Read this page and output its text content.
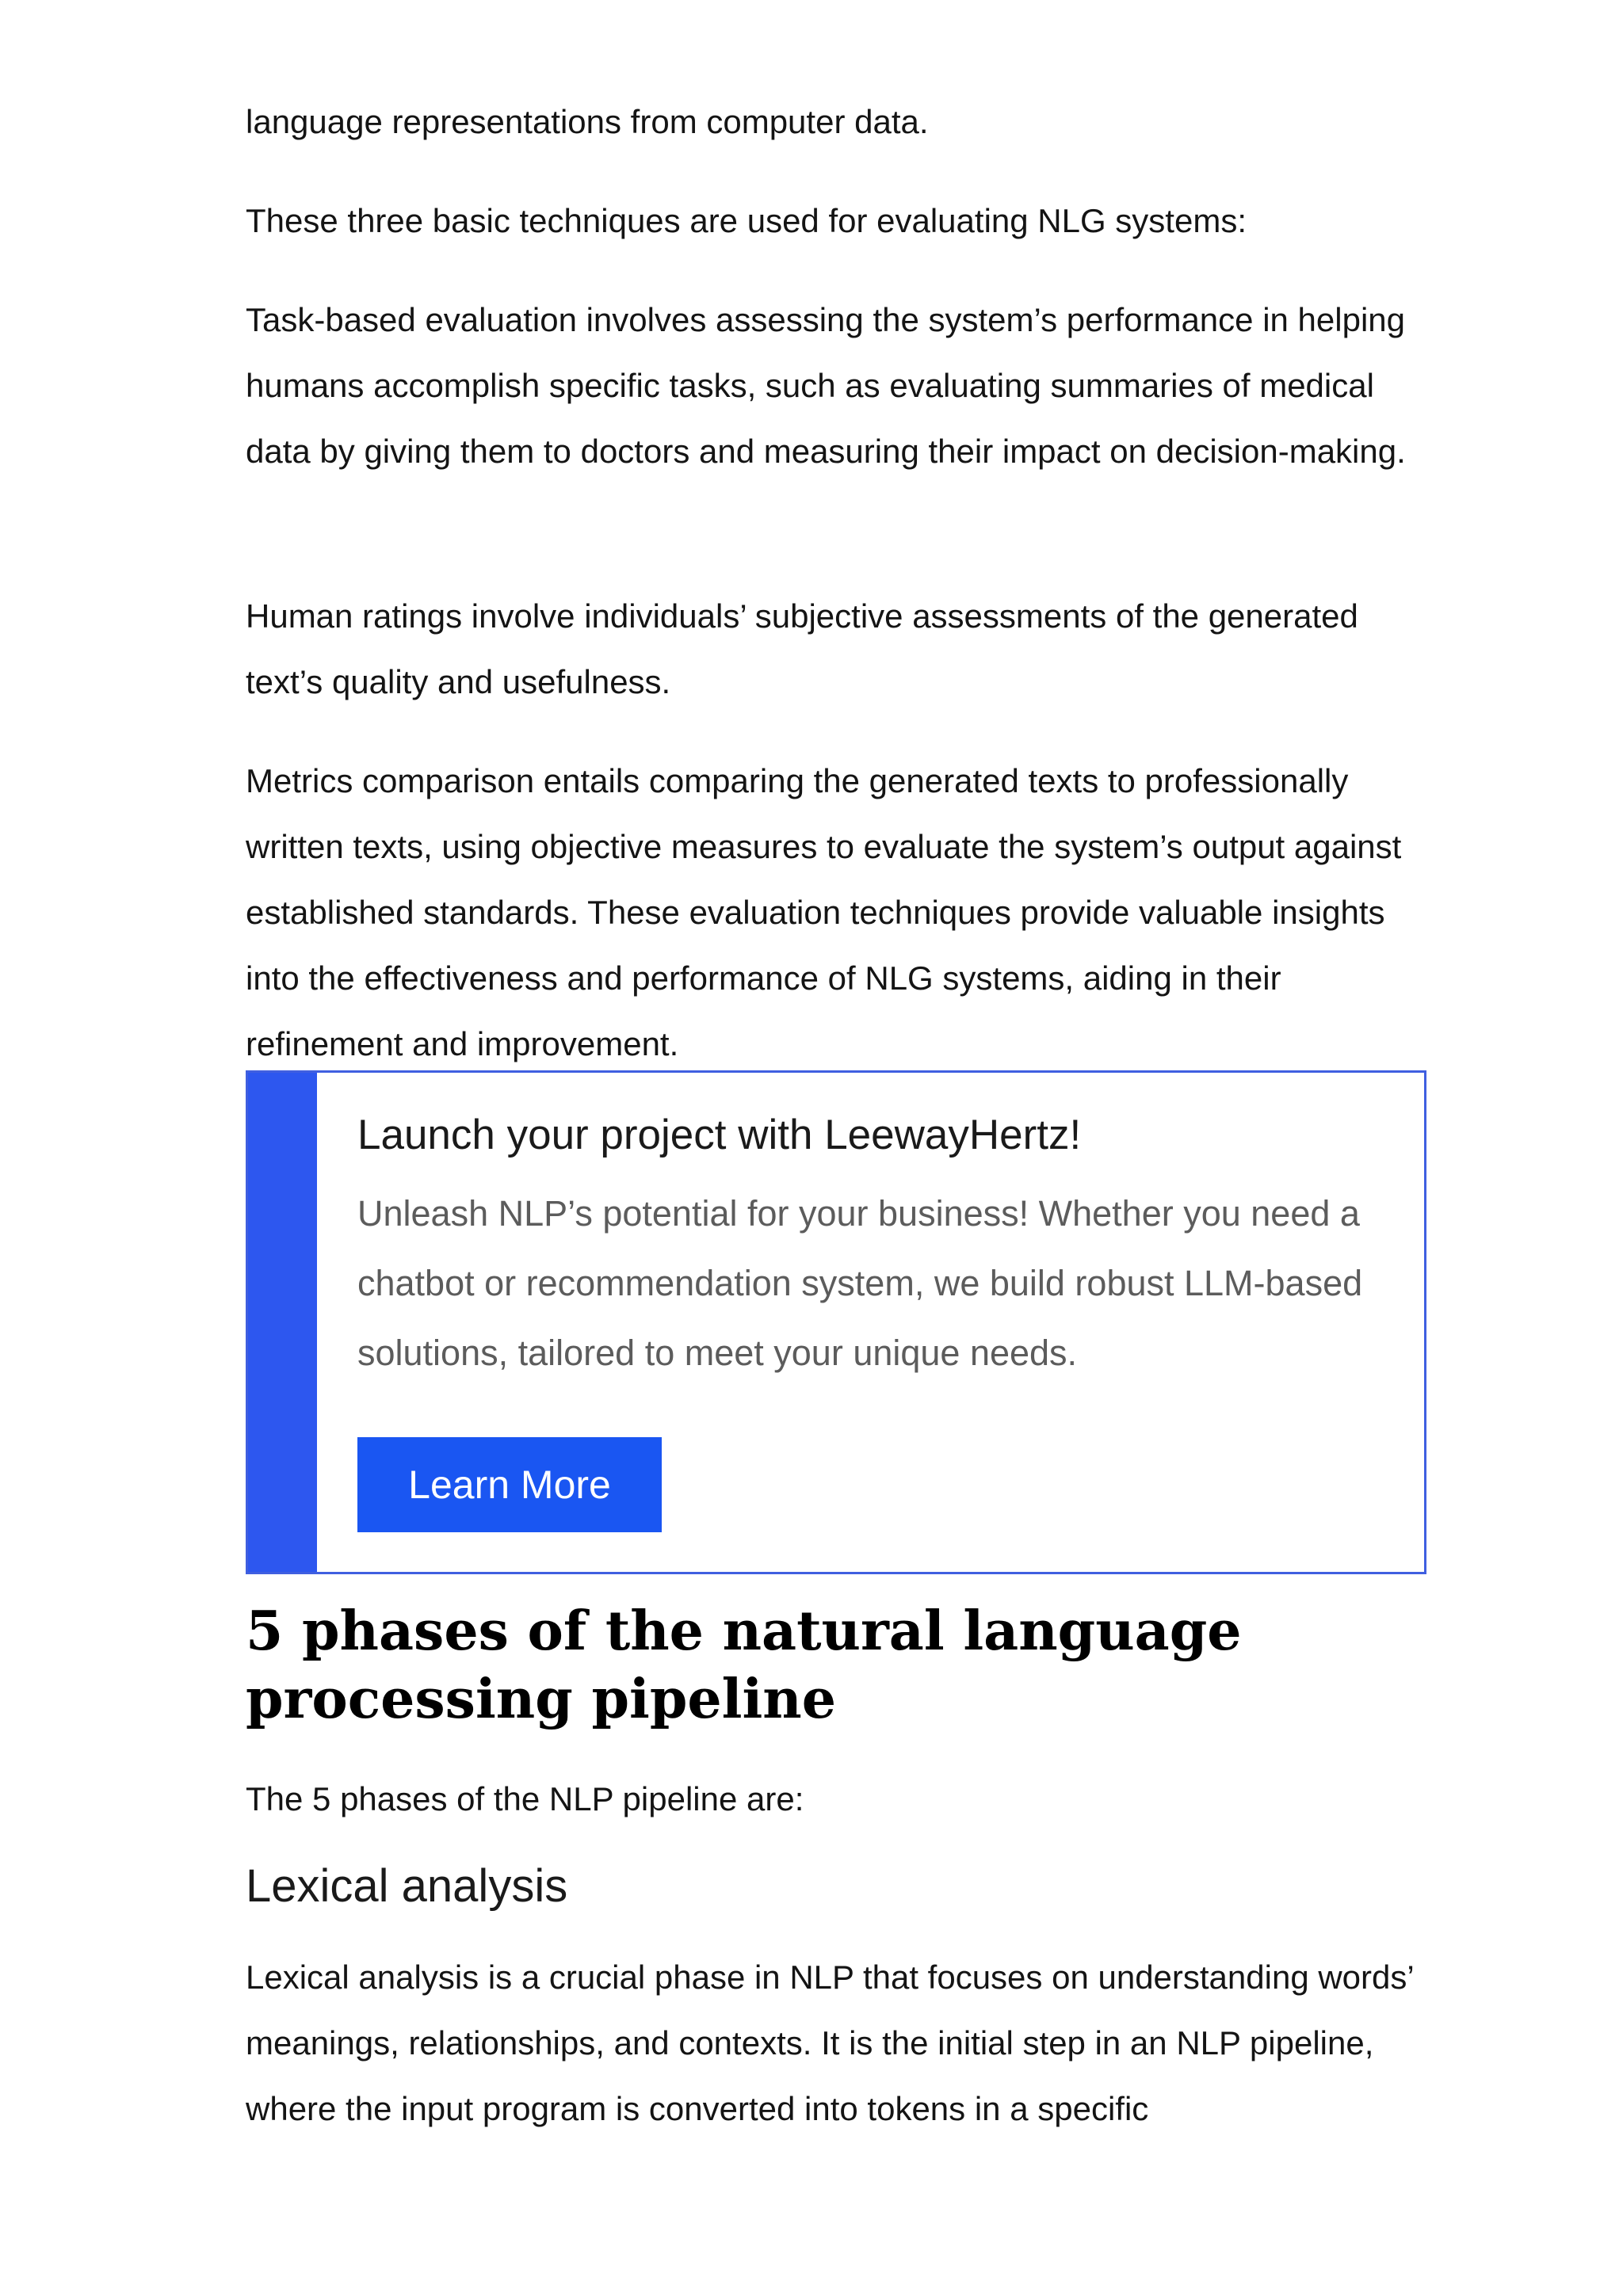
language representations from computer data.

These three basic techniques are used for evaluating NLG systems:

Task-based evaluation involves assessing the system’s performance in helping humans accomplish specific tasks, such as evaluating summaries of medical data by giving them to doctors and measuring their impact on decision-making.

Human ratings involve individuals’ subjective assessments of the generated text’s quality and usefulness.

Metrics comparison entails comparing the generated texts to professionally written texts, using objective measures to evaluate the system’s output against established standards. These evaluation techniques provide valuable insights into the effectiveness and performance of NLG systems, aiding in their refinement and improvement.

Launch your project with LeewayHertz!

Unleash NLP’s potential for your business! Whether you need a chatbot or recommendation system, we build robust LLM-based solutions, tailored to meet your unique needs.

Learn More
5 phases of the natural language processing pipeline

The 5 phases of the NLP pipeline are:

Lexical analysis

Lexical analysis is a crucial phase in NLP that focuses on understanding words’ meanings, relationships, and contexts. It is the initial step in an NLP pipeline, where the input program is converted into tokens in a specific
